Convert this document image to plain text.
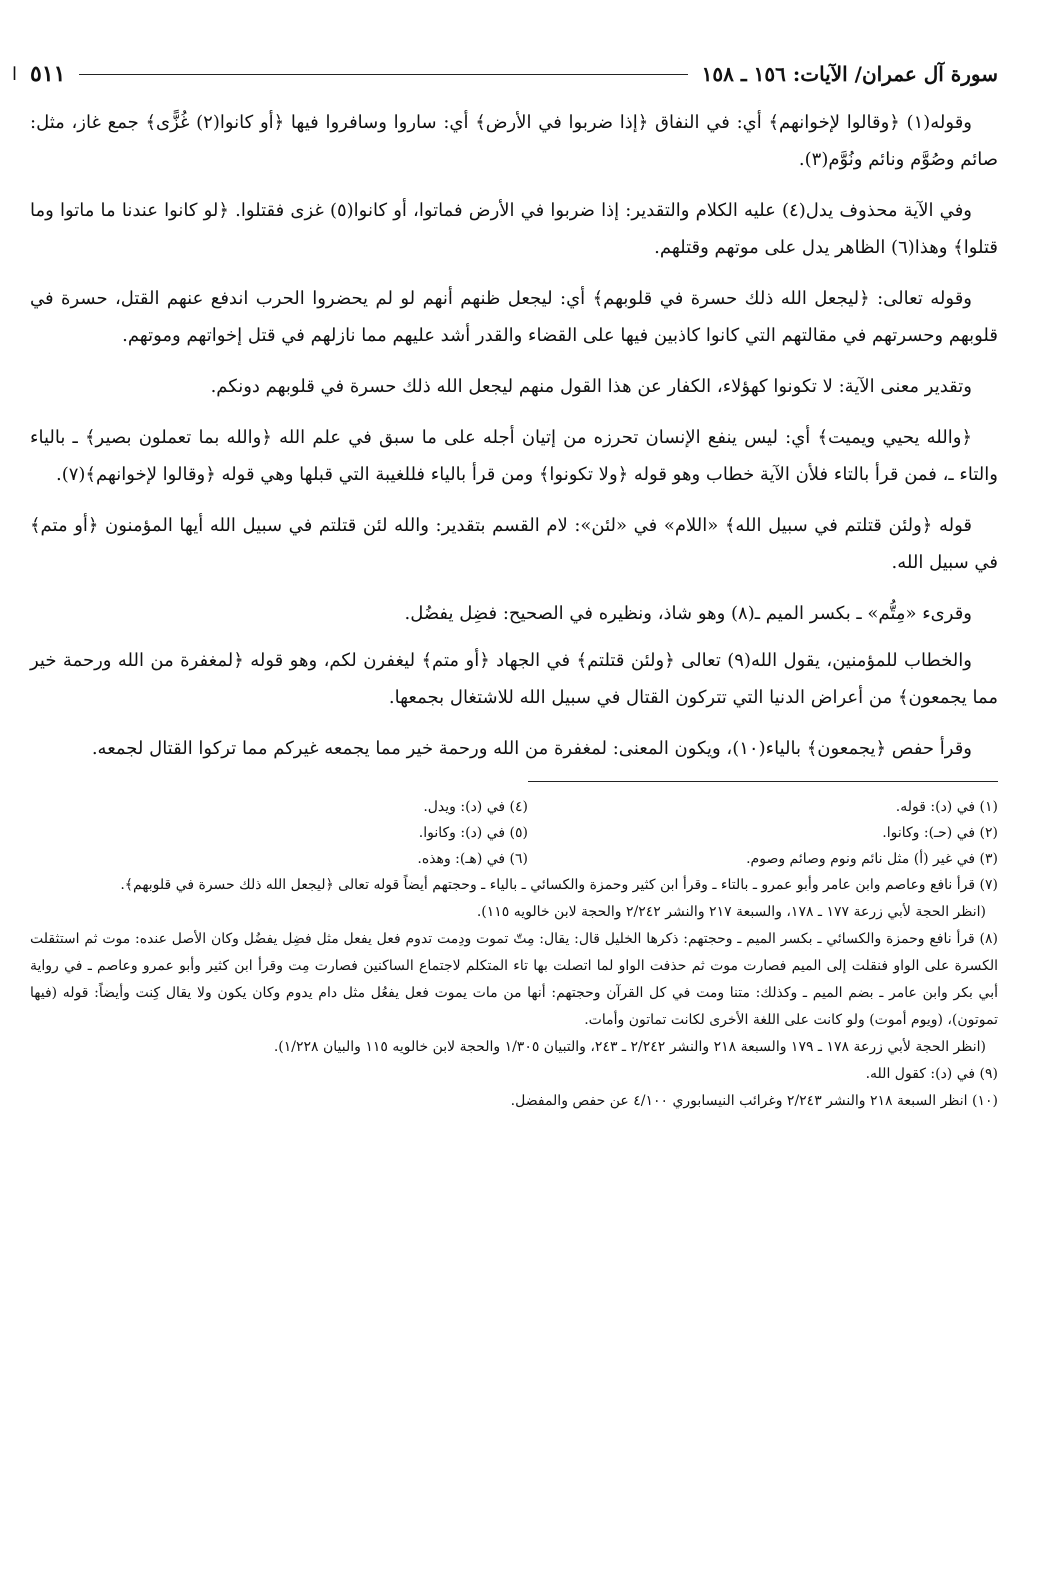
سورة آل عمران/ الآيات: ١٥٦ ـ ١٥٨
٥١١
ا

وقوله(١) ﴿وقالوا لإخوانهم﴾ أي: في النفاق ﴿إذا ضربوا في الأرض﴾ أي: ساروا وسافروا فيها ﴿أو كانوا(٢) غُزًّى﴾ جمع غاز، مثل: صائم وصُوَّم ونائم ونُوَّم(٣).

وفي الآية محذوف يدل(٤) عليه الكلام والتقدير: إذا ضربوا في الأرض فماتوا، أو كانوا(٥) غزى فقتلوا. ﴿لو كانوا عندنا ما ماتوا وما قتلوا﴾ وهذا(٦) الظاهر يدل على موتهم وقتلهم.

وقوله تعالى: ﴿ليجعل الله ذلك حسرة في قلوبهم﴾ أي: ليجعل ظنهم أنهم لو لم يحضروا الحرب اندفع عنهم القتل، حسرة في قلوبهم وحسرتهم في مقالتهم التي كانوا كاذبين فيها على القضاء والقدر أشد عليهم مما نازلهم في قتل إخواتهم وموتهم.

وتقدير معنى الآية: لا تكونوا كهؤلاء، الكفار عن هذا القول منهم ليجعل الله ذلك حسرة في قلوبهم دونكم.

﴿والله يحيي ويميت﴾ أي: ليس ينفع الإنسان تحرزه من إتيان أجله على ما سبق في علم الله ﴿والله بما تعملون بصير﴾ ـ بالياء والتاء ـ، فمن قرأ بالتاء فلأن الآية خطاب وهو قوله ﴿ولا تكونوا﴾ ومن قرأ بالياء فللغيبة التي قبلها وهي قوله ﴿وقالوا لإخوانهم﴾(٧).

قوله ﴿ولئن قتلتم في سبيل الله﴾ «اللام» في «لئن»: لام القسم بتقدير: والله لئن قتلتم في سبيل الله أيها المؤمنون ﴿أو متم﴾ في سبيل الله.

وقرىء «مِتُّم» ـ بكسر الميم ـ(٨) وهو شاذ، ونظيره في الصحيح: فضِل يفضُل.

والخطاب للمؤمنين، يقول الله(٩) تعالى ﴿ولئن قتلتم﴾ في الجهاد ﴿أو متم﴾ ليغفرن لكم، وهو قوله ﴿لمغفرة من الله ورحمة خير مما يجمعون﴾ من أعراض الدنيا التي تتركون القتال في سبيل الله للاشتغال بجمعها.

وقرأ حفص ﴿يجمعون﴾ بالياء(١٠)، ويكون المعنى: لمغفرة من الله ورحمة خير مما يجمعه غيركم مما تركوا القتال لجمعه.

(١) في (د): قوله.
(٤) في (د): ويدل.
(٢) في (حـ): وكانوا.
(٥) في (د): وكانوا.
(٣) في غير (أ) مثل نائم ونوم وصائم وصوم.
(٦) في (هـ): وهذه.

(٧) قرأ نافع وعاصم وابن عامر وأبو عمرو ـ بالتاء ـ وقرأ ابن كثير وحمزة والكسائي ـ بالياء ـ وحجتهم أيضاً قوله تعالى ﴿ليجعل الله ذلك حسرة في قلوبهم﴾.

(انظر الحجة لأبي زرعة ١٧٧ ـ ١٧٨، والسبعة ٢١٧ والنشر ٢/٢٤٢ والحجة لابن خالويه ١١٥).

(٨) قرأ نافع وحمزة والكسائي ـ بكسر الميم ـ وحجتهم: ذكرها الخليل قال: يقال: مِتّ تموت ودِمت تدوم فعل يفعل مثل فضِل يفضُل وكان الأصل عنده: موت ثم استثقلت الكسرة على الواو فنقلت إلى الميم فصارت موت ثم حذفت الواو لما اتصلت بها تاء المتكلم لاجتماع الساكنين فصارت مِت وقرأ ابن كثير وأبو عمرو وعاصم ـ في رواية أبي بكر وابن عامر ـ بضم الميم ـ وكذلك: متنا ومت في كل القرآن وحجتهم: أنها من مات يموت فعل يفعُل مثل دام يدوم وكان يكون ولا يقال كِنت وأيضاً: قوله (فيها تموتون)، (ويوم أموت) ولو كانت على اللغة الأخرى لكانت تماتون وأمات.

(انظر الحجة لأبي زرعة ١٧٨ ـ ١٧٩ والسبعة ٢١٨ والنشر ٢/٢٤٢ ـ ٢٤٣، والتبيان ١/٣٠٥ والحجة لابن خالويه ١١٥ والبيان ١/٢٢٨).

(٩) في (د): كقول الله.

(١٠) انظر السبعة ٢١٨ والنشر ٢/٢٤٣ وغرائب النيسابوري ٤/١٠٠ عن حفص والمفضل.
